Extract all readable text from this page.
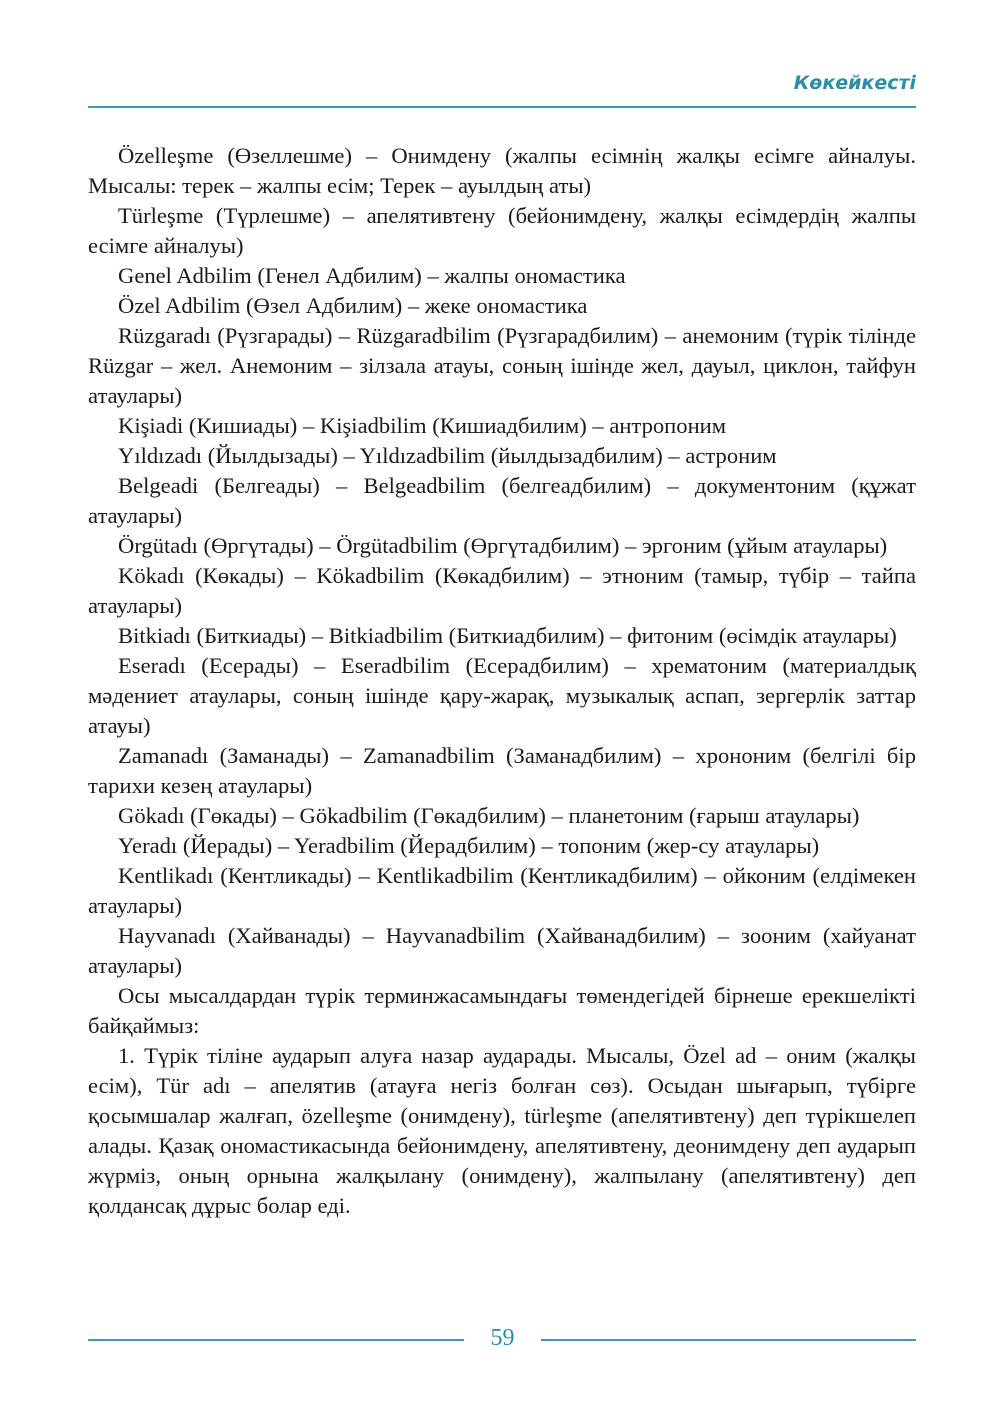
Көкейкесті

Özelleşme (Өзеллешме) – Онимдену (жалпы есімнің жалқы есімге айналуы. Мысалы: терек – жалпы есім; Терек – ауылдың аты)

Türleşme (Түрлешме) – апелятивтену (бейонимдену, жалқы есімдердің жалпы есімге айналуы)

Genel Adbilim (Генел Адбилим) – жалпы ономастика

Özel Adbilim (Өзел Адбилим) – жеке ономастика

Rüzgaradı (Рүзгарады) – Rüzgaradbilim (Рүзгарадбилим) – анемоним (түрік тілінде Rüzgar – жел. Анемоним – зілзала атауы, соның ішінде жел, дауыл, циклон, тайфун атаулары)

Kişiadi (Кишиады) – Kişiadbilim (Кишиадбилим) – антропоним

Yıldızadı (Йылдызады) – Yıldızadbilim (йылдызадбилим) – астроним

Belgeadi (Белгеады) – Belgeadbilim (белгеадбилим) – документоним (құжат атаулары)

Örgütadı (Өргүтады) – Örgütadbilim (Өргүтадбилим) – эргоним (ұйым атаулары)

Kökadı (Көкады) – Kökadbilim (Көкадбилим) – этноним (тамыр, түбір – тайпа атаулары)

Bitkiadı (Биткиады) – Bitkiadbilim (Биткиадбилим) – фитоним (өсімдік атаулары)

Eseradı (Есерады) – Eseradbilim (Есерадбилим) – хрематоним (материалдық мәдениет атаулары, соның ішінде қару-жарақ, музыкалық аспап, зергерлік заттар атауы)

Zamanadı (Заманады) – Zamanadbilim (Заманадбилим) – хрононим (белгілі бір тарихи кезең атаулары)

Gökadı (Гөкады) – Gökadbilim (Гөкадбилим) – планетоним (ғарыш атаулары)

Yeradı (Йерады) – Yeradbilim (Йерадбилим) – топоним (жер-су атаулары)

Kentlikadı (Кентликады) – Kentlikadbilim (Кентликадбилим) – ойконим (елдімекен атаулары)

Hayvanadı (Хайванады) – Hayvanadbilim (Хайванадбилим) – зооним (хайуанат атаулары)

Осы мысалдардан түрік терминжасамындағы төмендегідей бірнеше ерекшелікті байқаймыз:

1. Түрік тіліне аударып алуға назар аударады. Мысалы, Özel ad – оним (жалқы есім), Tür adı – апелятив (атауға негіз болған сөз). Осыдан шығарып, түбірге қосымшалар жалғап, özelleşme (онимдену), türleşme (апелятивтену) деп түрікшелеп алады. Қазақ ономастикасында бейонимдену, апелятивтену, деонимдену деп аударып жүрміз, оның орнына жалқылану (онимдену), жалпылану (апелятивтену) деп қолдансақ дұрыс болар еді.

59
